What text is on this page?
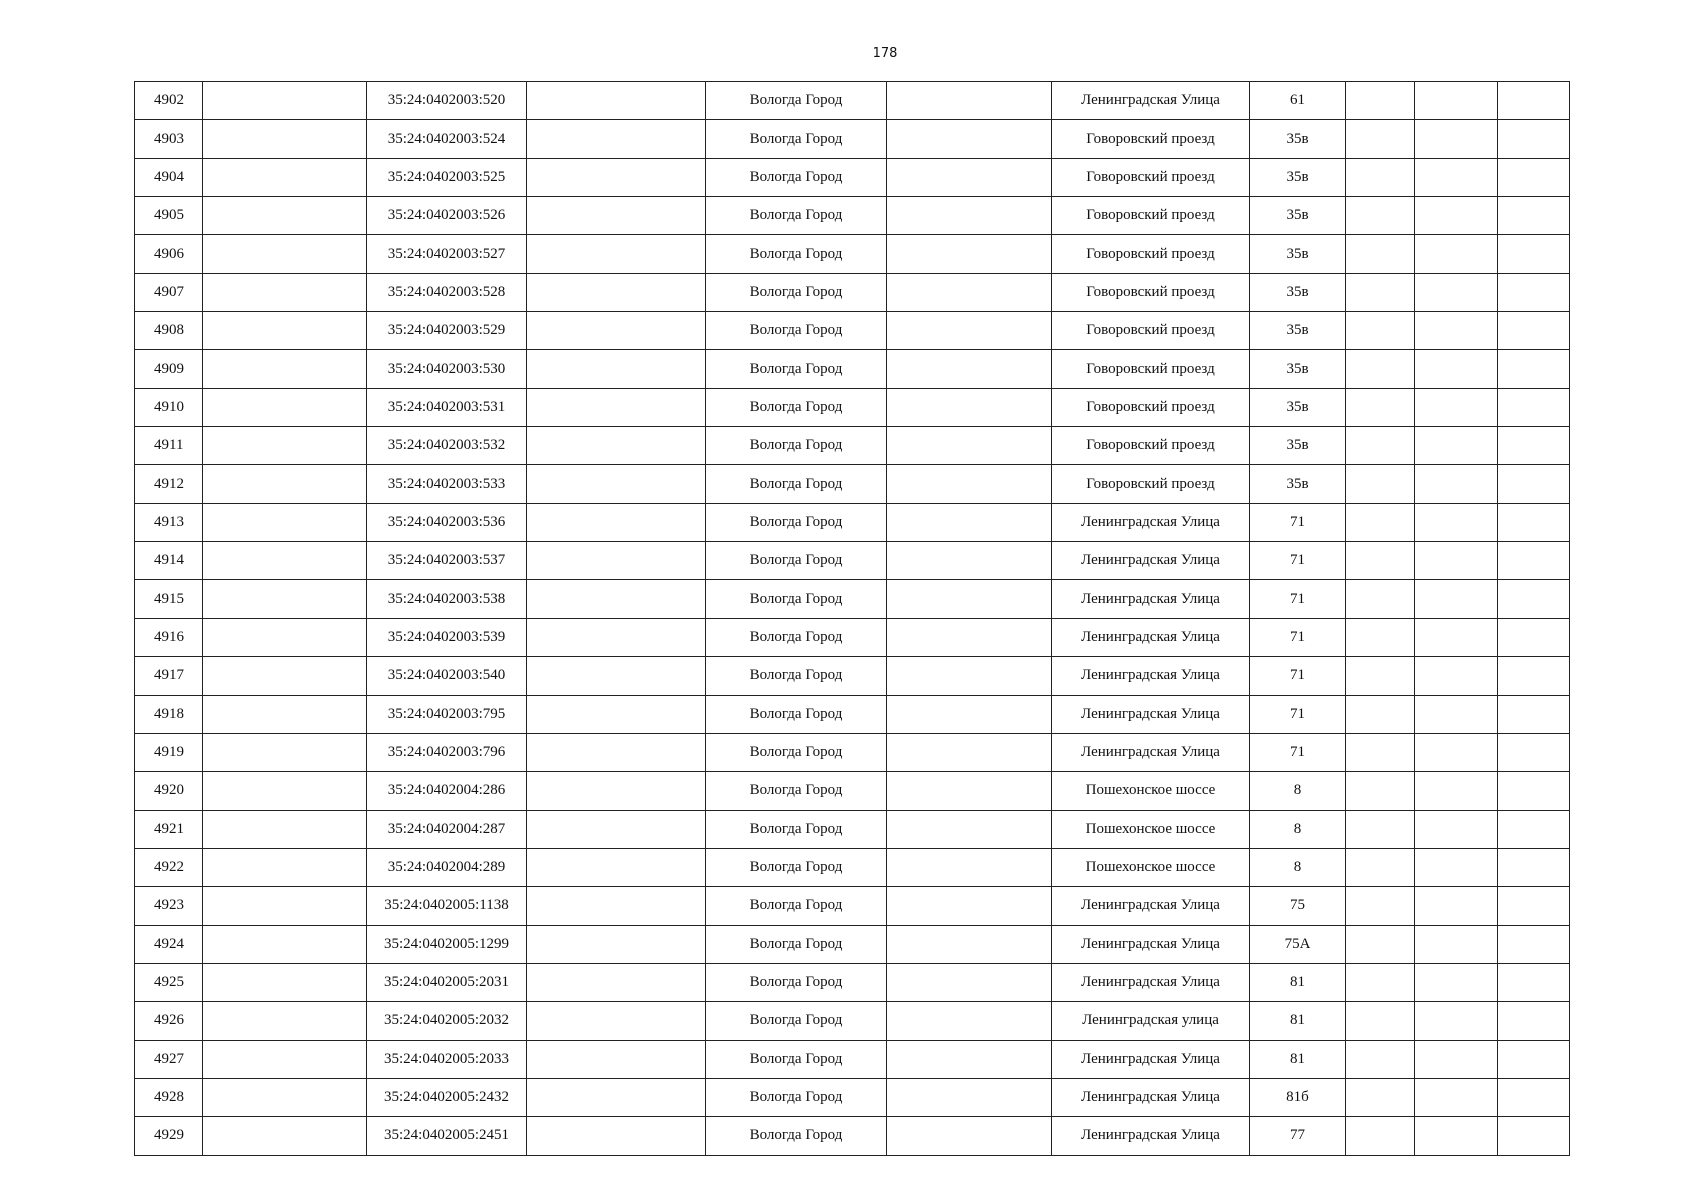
178
4902		35:24:0402003:520		Вологда Город		Ленинградская Улица	61			
4903		35:24:0402003:524		Вологда Город		Говоровский проезд	35в			
4904		35:24:0402003:525		Вологда Город		Говоровский проезд	35в			
4905		35:24:0402003:526		Вологда Город		Говоровский проезд	35в			
4906		35:24:0402003:527		Вологда Город		Говоровский проезд	35в			
4907		35:24:0402003:528		Вологда Город		Говоровский проезд	35в			
4908		35:24:0402003:529		Вологда Город		Говоровский проезд	35в			
4909		35:24:0402003:530		Вологда Город		Говоровский проезд	35в			
4910		35:24:0402003:531		Вологда Город		Говоровский проезд	35в			
4911		35:24:0402003:532		Вологда Город		Говоровский проезд	35в			
4912		35:24:0402003:533		Вологда Город		Говоровский проезд	35в			
4913		35:24:0402003:536		Вологда Город		Ленинградская Улица	71			
4914		35:24:0402003:537		Вологда Город		Ленинградская Улица	71			
4915		35:24:0402003:538		Вологда Город		Ленинградская Улица	71			
4916		35:24:0402003:539		Вологда Город		Ленинградская Улица	71			
4917		35:24:0402003:540		Вологда Город		Ленинградская Улица	71			
4918		35:24:0402003:795		Вологда Город		Ленинградская Улица	71			
4919		35:24:0402003:796		Вологда Город		Ленинградская Улица	71			
4920		35:24:0402004:286		Вологда Город		Пошехонское шоссе	8			
4921		35:24:0402004:287		Вологда Город		Пошехонское шоссе	8			
4922		35:24:0402004:289		Вологда Город		Пошехонское шоссе	8			
4923		35:24:0402005:1138		Вологда Город		Ленинградская Улица	75			
4924		35:24:0402005:1299		Вологда Город		Ленинградская Улица	75А			
4925		35:24:0402005:2031		Вологда Город		Ленинградская Улица	81			
4926		35:24:0402005:2032		Вологда Город		Ленинградская улица	81			
4927		35:24:0402005:2033		Вологда Город		Ленинградская Улица	81			
4928		35:24:0402005:2432		Вологда Город		Ленинградская Улица	81б			
4929		35:24:0402005:2451		Вологда Город		Ленинградская Улица	77			
